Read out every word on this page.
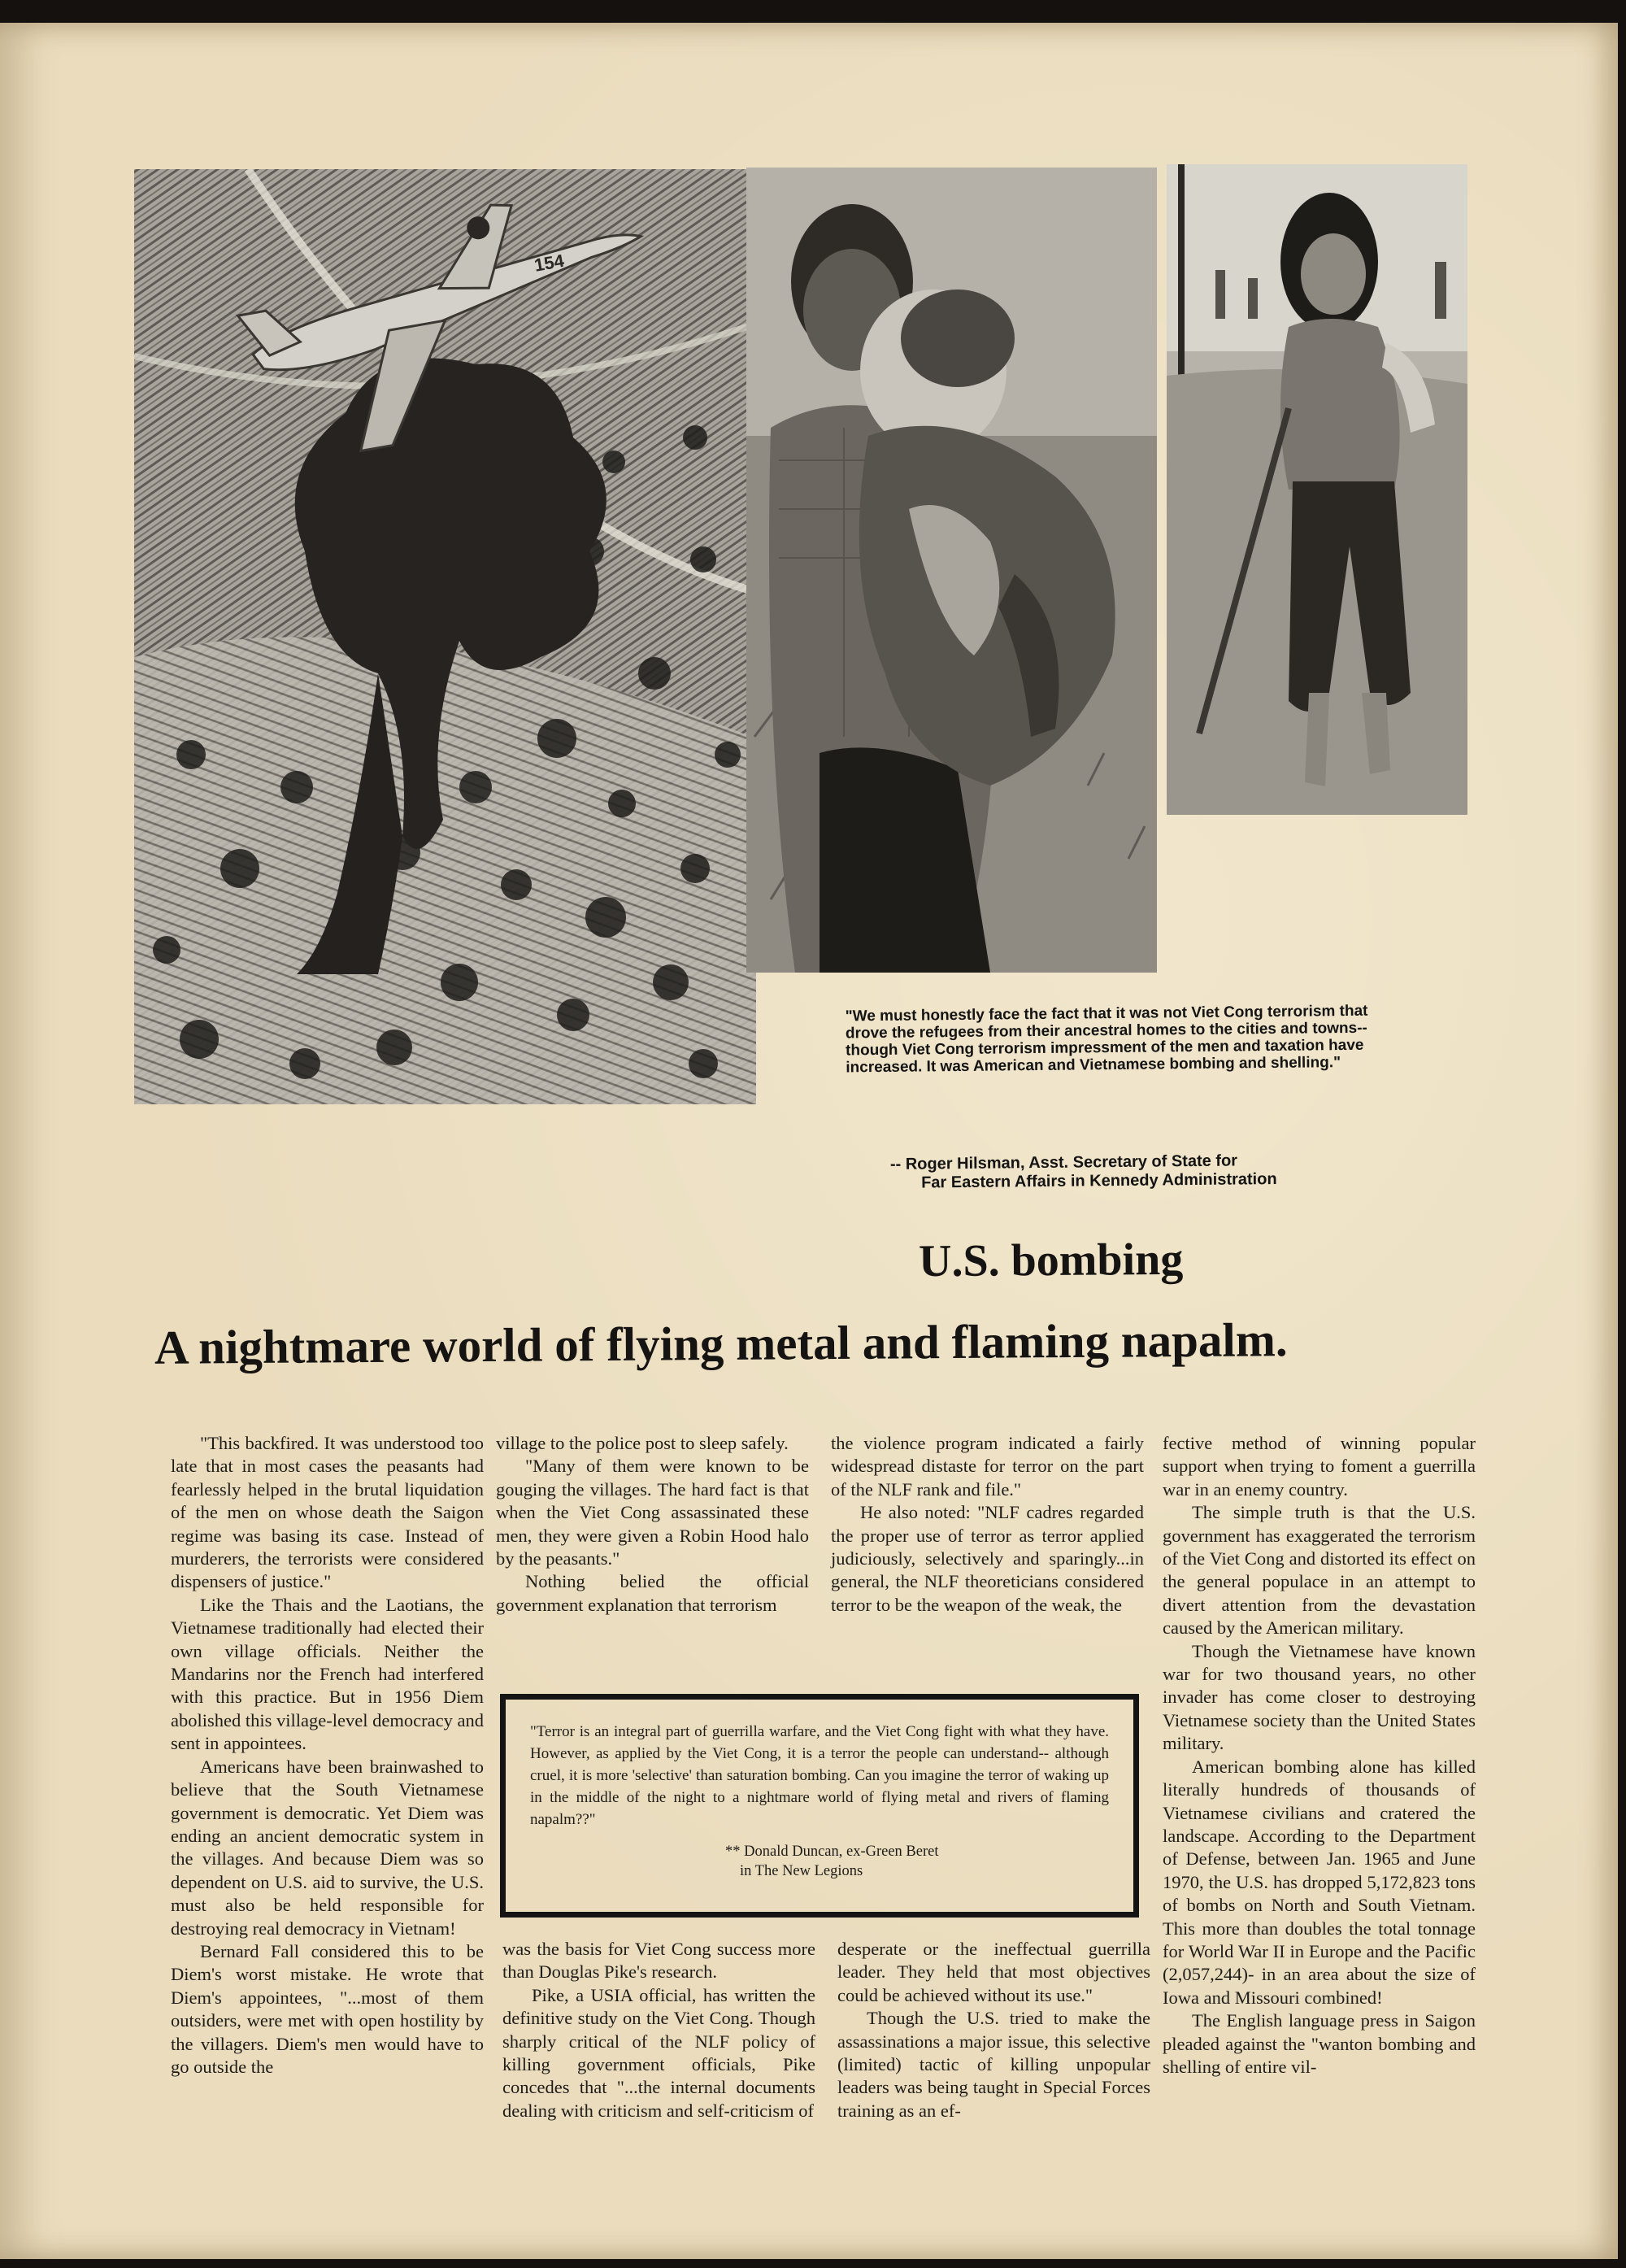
154
"We must honestly face the fact that it was not Viet Cong terrorism that drove the refugees from their ancestral homes to the cities and towns-- though Viet Cong terrorism impressment of the men and taxation have increased. It was American and Vietnamese bombing and shelling."
-- Roger Hilsman, Asst. Secretary of State for
Far Eastern Affairs in Kennedy Administration
U.S. bombing
A nightmare world of flying metal and flaming napalm.

"This backfired. It was understood too late that in most cases the peasants had fearlessly helped in the brutal liquidation of the men on whose death the Saigon regime was basing its case. Instead of murderers, the terrorists were considered dispensers of justice."

Like the Thais and the Laotians, the Vietnamese traditionally had elected their own village officials. Neither the Mandarins nor the French had interfered with this practice. But in 1956 Diem abolished this village-level democracy and sent in appointees.

Americans have been brainwashed to believe that the South Vietnamese government is democratic. Yet Diem was ending an ancient democratic system in the villages. And because Diem was so dependent on U.S. aid to survive, the U.S. must also be held responsible for destroying real democracy in Vietnam!

Bernard Fall considered this to be Diem's worst mistake. He wrote that Diem's appointees, "...most of them outsiders, were met with open hostility by the villagers. Diem's men would have to go outside the

village to the police post to sleep safely.

"Many of them were known to be gouging the villages. The hard fact is that when the Viet Cong assassinated these men, they were given a Robin Hood halo by the peasants."

Nothing belied the official government explanation that terrorism

the violence program indicated a fairly widespread distaste for terror on the part of the NLF rank and file."

He also noted: "NLF cadres regarded the proper use of terror as terror applied judiciously, selectively and sparingly...in general, the NLF theoreticians considered terror to be the weapon of the weak, the

"Terror is an integral part of guerrilla warfare, and the Viet Cong fight with what they have. However, as applied by the Viet Cong, it is a terror the people can understand-- although cruel, it is more 'selective' than saturation bombing. Can you imagine the terror of waking up in the middle of the night to a nightmare world of flying metal and rivers of flaming napalm??"
** Donald Duncan, ex-Green Beret
in The New Legions

was the basis for Viet Cong success more than Douglas Pike's research.

Pike, a USIA official, has written the definitive study on the Viet Cong. Though sharply critical of the NLF policy of killing government officials, Pike concedes that "...the internal documents dealing with criticism and self-criticism of

desperate or the ineffectual guerrilla leader. They held that most objectives could be achieved without its use."

Though the U.S. tried to make the assassinations a major issue, this selective (limited) tactic of killing unpopular leaders was being taught in Special Forces training as an ef-

fective method of winning popular support when trying to foment a guerrilla war in an enemy country.

The simple truth is that the U.S. government has exaggerated the terrorism of the Viet Cong and distorted its effect on the general populace in an attempt to divert attention from the devastation caused by the American military.

Though the Vietnamese have known war for two thousand years, no other invader has come closer to destroying Vietnamese society than the United States military.

American bombing alone has killed literally hundreds of thousands of Vietnamese civilians and cratered the landscape. According to the Department of Defense, between Jan. 1965 and June 1970, the U.S. has dropped 5,172,823 tons of bombs on North and South Vietnam. This more than doubles the total tonnage for World War II in Europe and the Pacific (2,057,244)- in an area about the size of Iowa and Missouri combined!

The English language press in Saigon pleaded against the "wanton bombing and shelling of entire vil-
